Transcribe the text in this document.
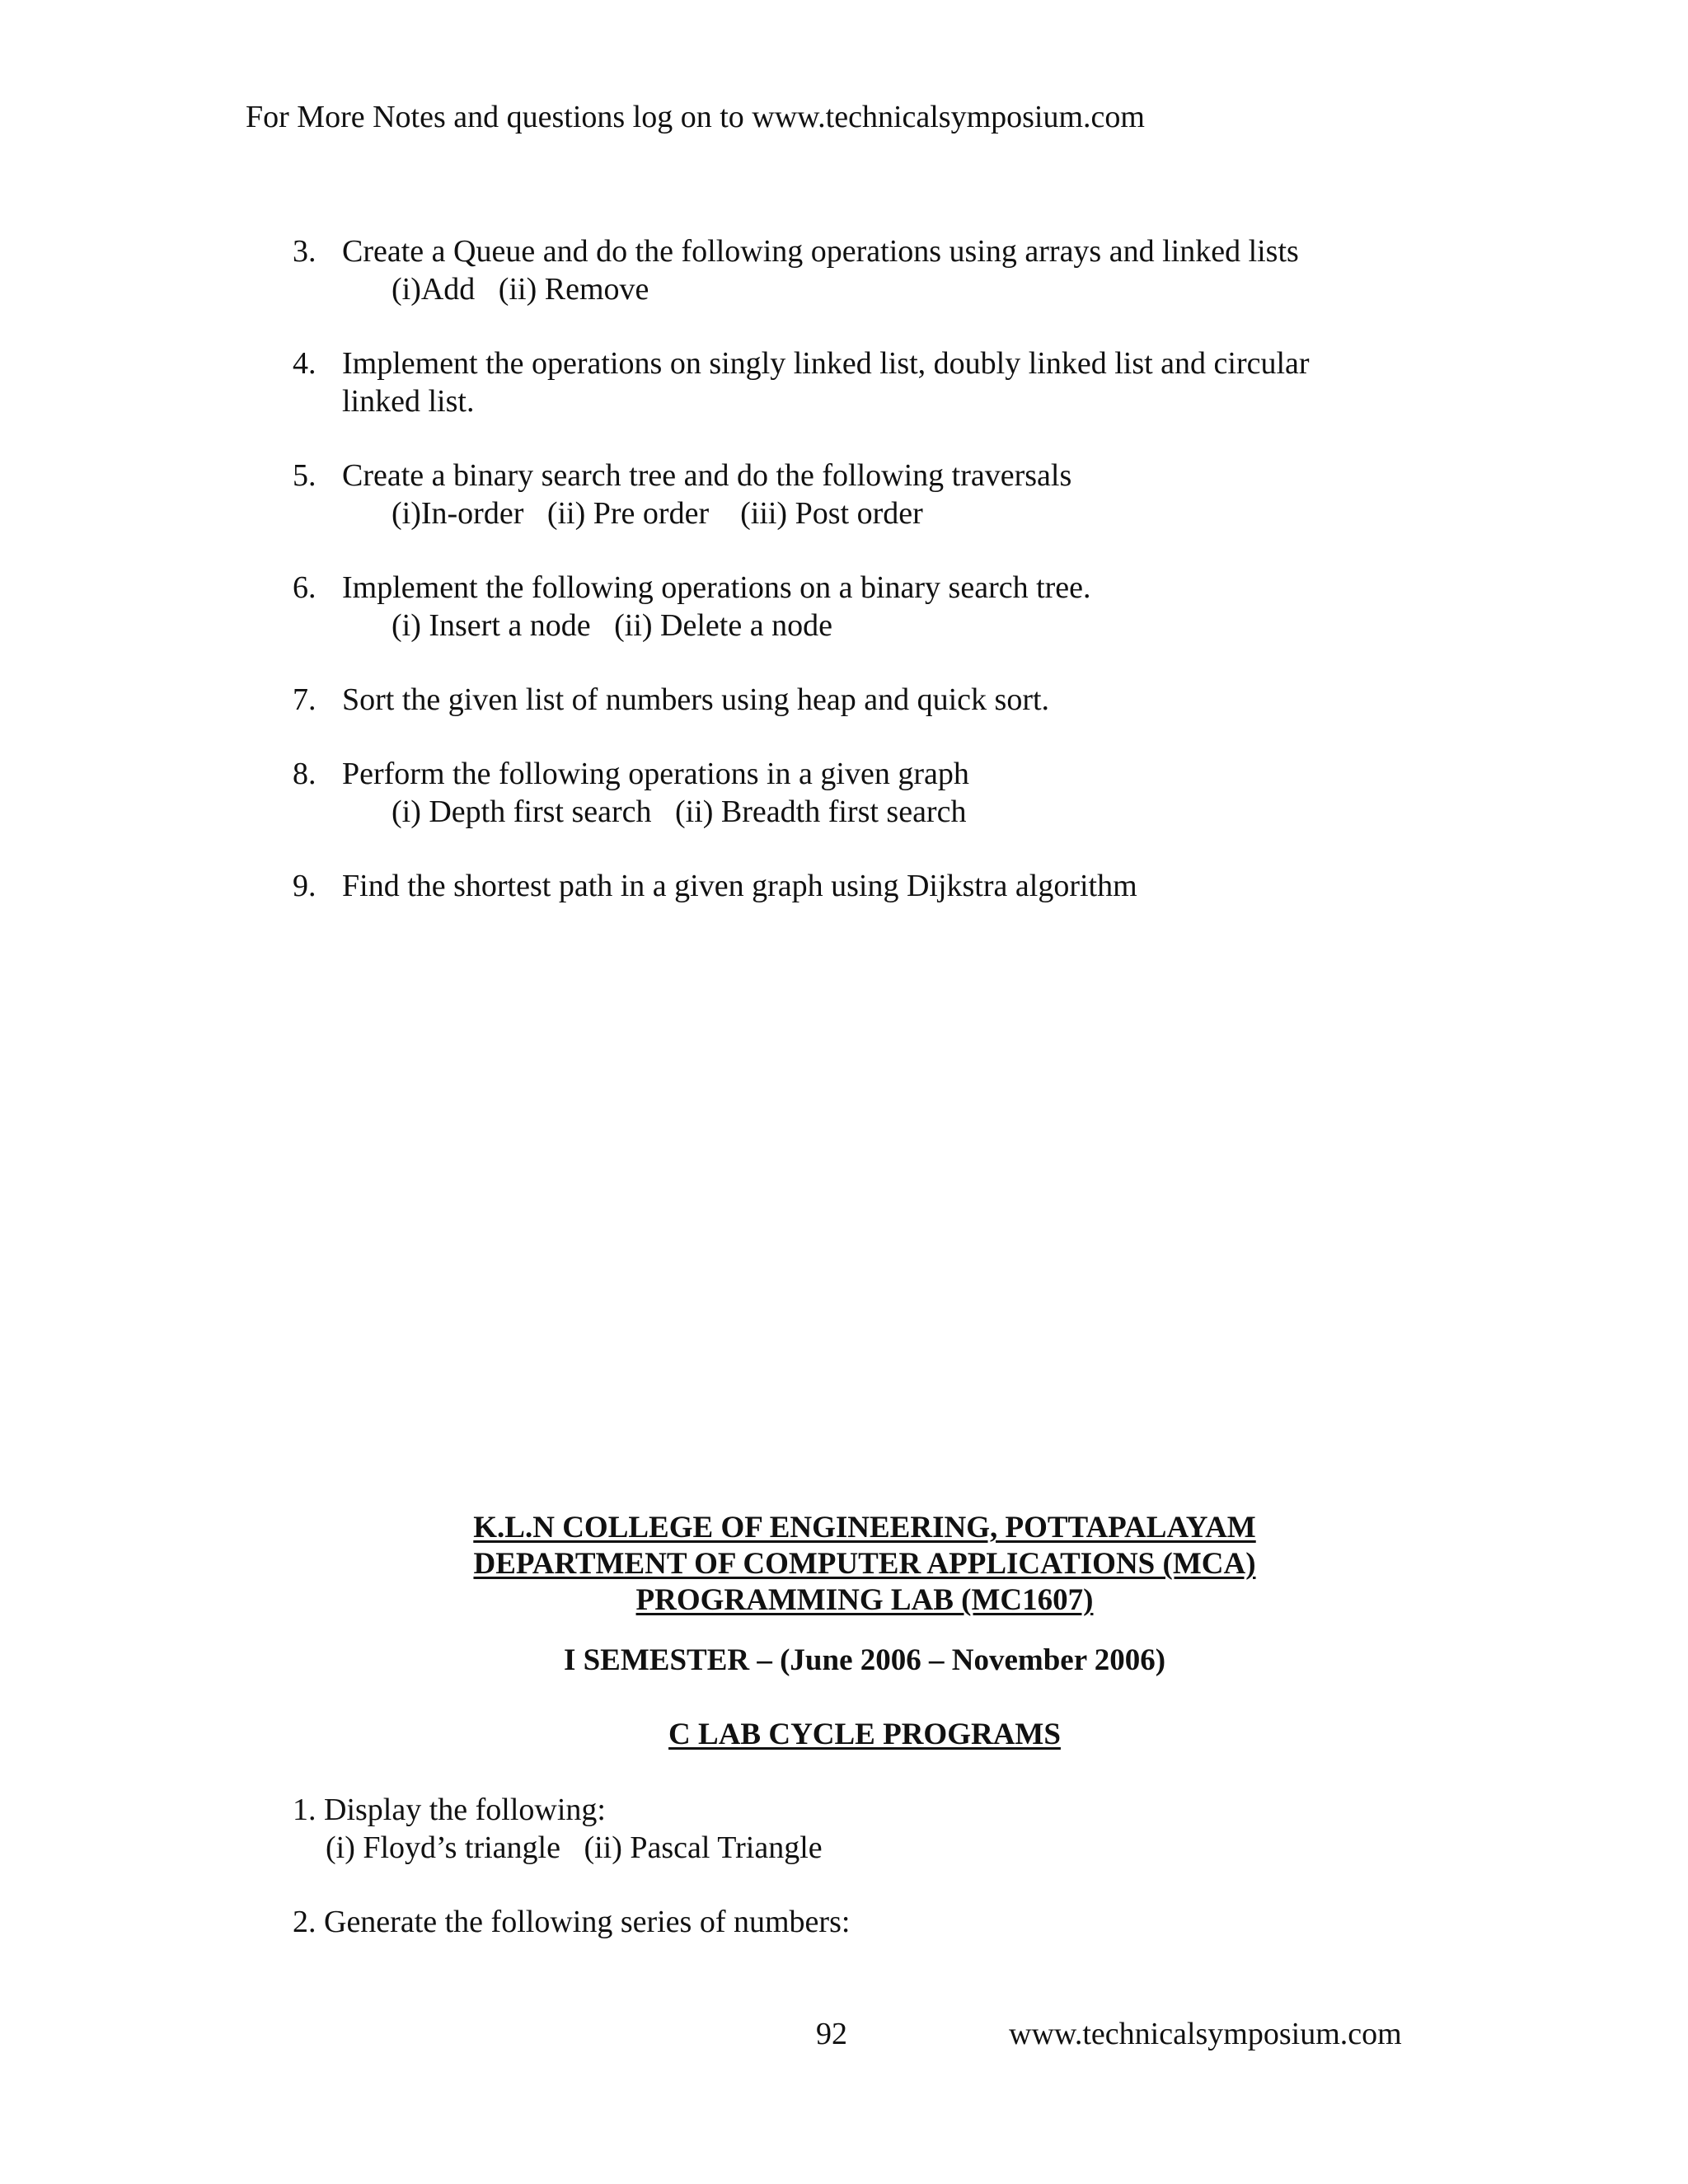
For More Notes and questions log on to www.technicalsymposium.com
3. Create a Queue and do the following operations using arrays and linked lists
(i)Add   (ii) Remove
4. Implement the operations on singly linked list, doubly linked list and circular
linked list.
5. Create a binary search tree and do the following traversals
(i)In-order   (ii) Pre order    (iii) Post order
6. Implement the following operations on a binary search tree.
(i) Insert a node   (ii) Delete a node
7. Sort the given list of numbers using heap and quick sort.
8. Perform the following operations in a given graph
(i) Depth first search   (ii) Breadth first search
9. Find the shortest path in a given graph using Dijkstra algorithm
K.L.N COLLEGE OF ENGINEERING, POTTAPALAYAM
DEPARTMENT OF COMPUTER APPLICATIONS (MCA)
PROGRAMMING LAB (MC1607)
I SEMESTER – (June 2006 – November 2006)
C LAB CYCLE PROGRAMS
1. Display the following:
(i) Floyd’s triangle   (ii) Pascal Triangle
2. Generate the following series of numbers:
92	www.technicalsymposium.com
